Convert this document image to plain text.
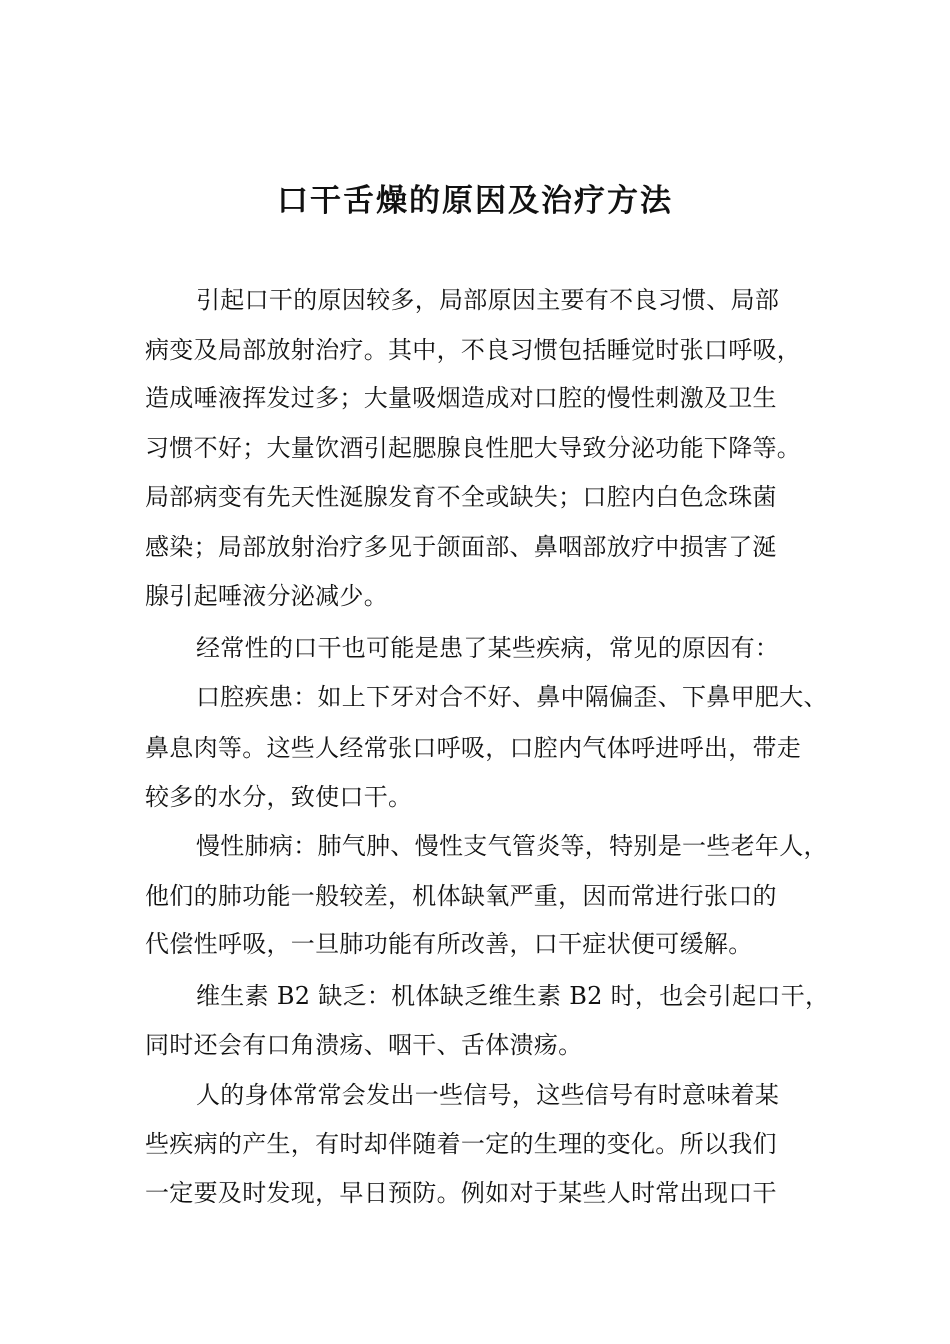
口干舌燥的原因及治疗方法
引起口干的原因较多，局部原因主要有不良习惯、局部
病变及局部放射治疗。其中，不良习惯包括睡觉时张口呼吸，
造成唾液挥发过多；大量吸烟造成对口腔的慢性刺激及卫生
习惯不好；大量饮酒引起腮腺良性肥大导致分泌功能下降等。
局部病变有先天性涎腺发育不全或缺失；口腔内白色念珠菌
感染；局部放射治疗多见于颌面部、鼻咽部放疗中损害了涎
腺引起唾液分泌减少。
经常性的口干也可能是患了某些疾病，常见的原因有：
口腔疾患：如上下牙对合不好、鼻中隔偏歪、下鼻甲肥大、
鼻息肉等。这些人经常张口呼吸，口腔内气体呼进呼出，带走
较多的水分，致使口干。
慢性肺病：肺气肿、慢性支气管炎等，特别是一些老年人，
他们的肺功能一般较差，机体缺氧严重，因而常进行张口的
代偿性呼吸，一旦肺功能有所改善，口干症状便可缓解。
维生素 B2 缺乏：机体缺乏维生素 B2 时，也会引起口干，
同时还会有口角溃疡、咽干、舌体溃疡。
人的身体常常会发出一些信号，这些信号有时意味着某
些疾病的产生，有时却伴随着一定的生理的变化。所以我们
一定要及时发现，早日预防。例如对于某些人时常出现口干
